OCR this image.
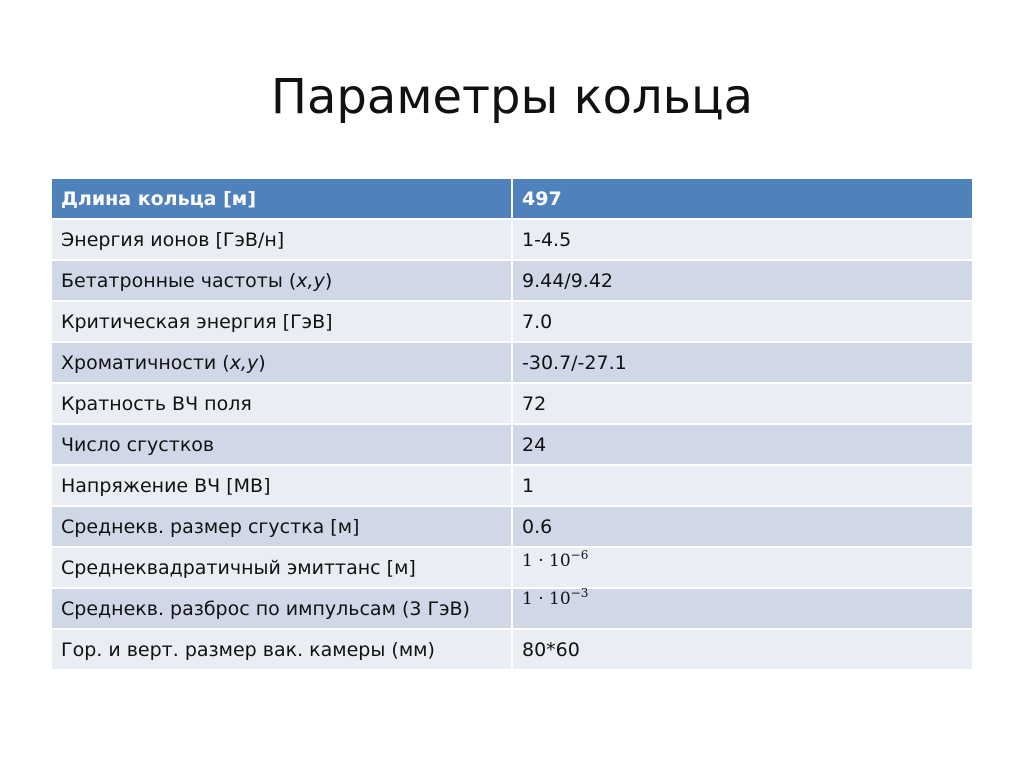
Параметры кольца
Длина кольца [м]	497
Энергия ионов [ГэВ/н]	1-4.5
Бетатронные частоты (x,y)	9.44/9.42
Критическая энергия [ГэВ]	7.0
Хроматичности (x,y)	-30.7/-27.1
Кратность ВЧ поля	72
Число сгустков	24
Напряжение ВЧ [МВ]	1
Среднекв. размер сгустка [м]	0.6
Среднеквадратичный эмиттанс [м]	$1 \cdot 10^{-6}$
Среднекв. разброс по импульсам (3 ГэВ)	$1 \cdot 10^{-3}$
Гор. и верт. размер вак. камеры (мм)	80*60
